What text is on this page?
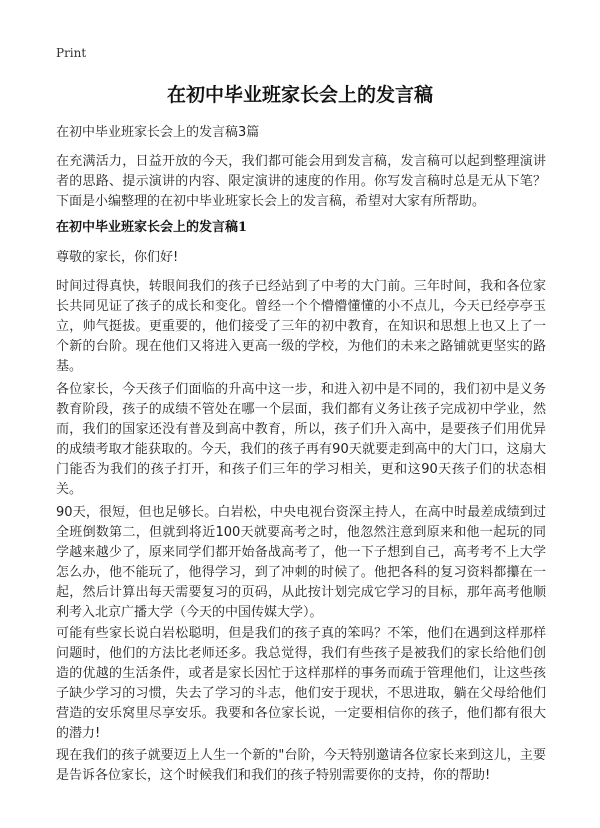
Print
在初中毕业班家长会上的发言稿
在初中毕业班家长会上的发言稿3篇

在充满活力，日益开放的今天，我们都可能会用到发言稿，发言稿可以起到整理演讲者的思路、提示演讲的内容、限定演讲的速度的作用。你写发言稿时总是无从下笔？下面是小编整理的在初中毕业班家长会上的发言稿，希望对大家有所帮助。

在初中毕业班家长会上的发言稿1
尊敬的家长，你们好!

时间过得真快，转眼间我们的孩子已经站到了中考的大门前。三年时间，我和各位家长共同见证了孩子的成长和变化。曾经一个个懵懵懂懂的小不点儿，今天已经亭亭玉立，帅气挺拔。更重要的，他们接受了三年的初中教育，在知识和思想上也又上了一个新的台阶。现在他们又将进入更高一级的学校，为他们的未来之路铺就更坚实的路基。

各位家长，今天孩子们面临的升高中这一步，和进入初中是不同的，我们初中是义务教育阶段，孩子的成绩不管处在哪一个层面，我们都有义务让孩子完成初中学业，然而，我们的国家还没有普及到高中教育，所以，孩子们升入高中，是要孩子们用优异的成绩考取才能获取的。今天，我们的孩子再有90天就要走到高中的大门口，这扇大门能否为我们的孩子打开，和孩子们三年的学习相关，更和这90天孩子们的状态相关。

90天，很短，但也足够长。白岩松，中央电视台资深主持人，在高中时最差成绩到过全班倒数第二，但就到将近100天就要高考之时，他忽然注意到原来和他一起玩的同学越来越少了，原来同学们都开始备战高考了，他一下子想到自己，高考考不上大学怎么办，他不能玩了，他得学习，到了冲刺的时候了。他把各科的复习资料都攥在一起，然后计算出每天需要复习的页码，从此按计划完成它学习的目标，那年高考他顺利考入北京广播大学（今天的中国传媒大学）。

可能有些家长说白岩松聪明，但是我们的孩子真的笨吗？不笨，他们在遇到这样那样问题时，他们的方法比老师还多。我总觉得，我们有些孩子是被我们的家长给他们创造的优越的生活条件，或者是家长因忙于这样那样的事务而疏于管理他们，让这些孩子缺少学习的习惯，失去了学习的斗志，他们安于现状，不思进取，躺在父母给他们营造的安乐窝里尽享安乐。我要和各位家长说，一定要相信你的孩子，他们都有很大的潜力!

现在我们的孩子就要迈上人生一个新的"台阶，今天特别邀请各位家长来到这儿，主要是告诉各位家长，这个时候我们和我们的孩子特别需要你的支持，你的帮助!
